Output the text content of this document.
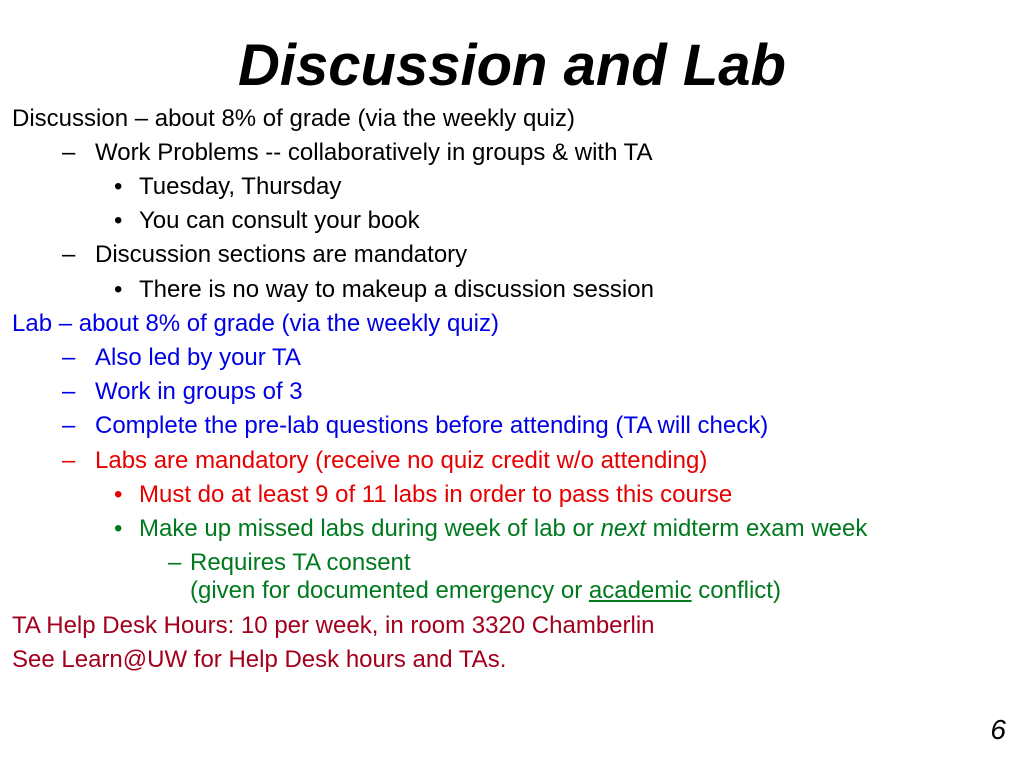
Discussion and Lab
Discussion – about 8% of grade (via the weekly quiz)
– Work Problems -- collaboratively in groups & with TA
• Tuesday, Thursday
• You can consult your book
– Discussion sections are mandatory
• There is no way to makeup a discussion session
Lab – about 8% of grade (via the weekly quiz)
– Also led by your TA
– Work in groups of 3
– Complete the pre-lab questions before attending (TA will check)
– Labs are mandatory (receive no quiz credit w/o attending)
• Must do at least 9 of 11 labs in order to pass this course
• Make up missed labs during week of lab or next midterm exam week
– Requires TA consent
(given for documented emergency or academic conflict)
TA Help Desk Hours: 10 per week, in room 3320 Chamberlin
See Learn@UW for Help Desk hours and TAs.
6
